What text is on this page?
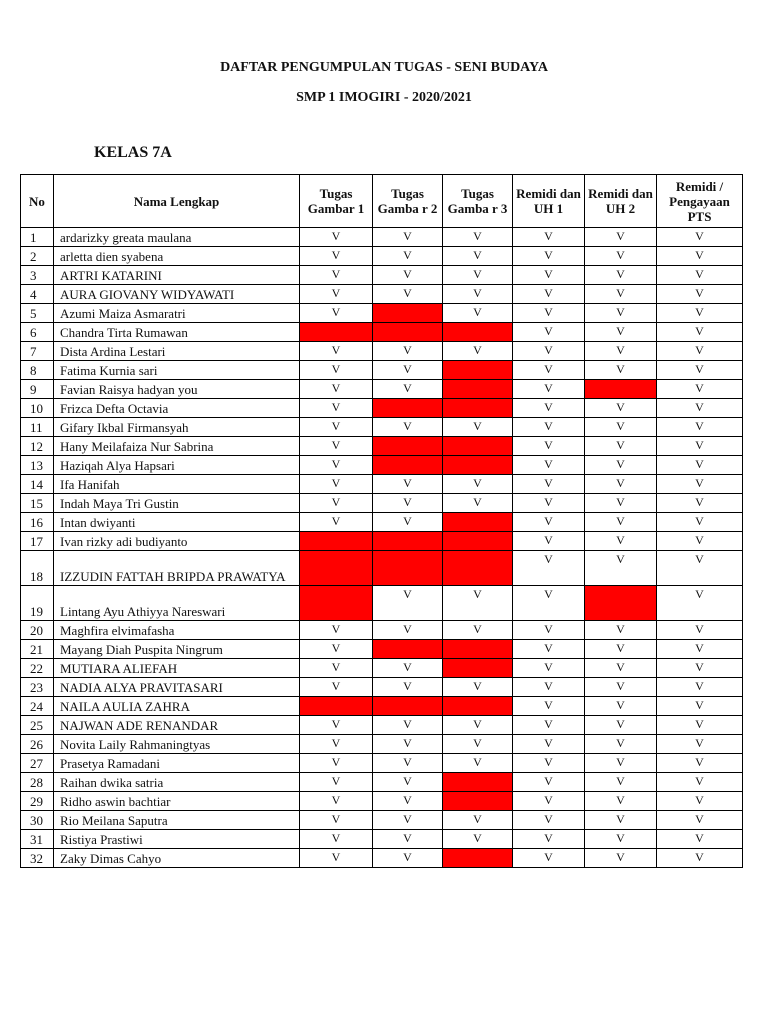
DAFTAR PENGUMPULAN TUGAS - SENI BUDAYA
SMP 1 IMOGIRI - 2020/2021
KELAS 7A
No	Nama Lengkap	Tugas Gambar 1	Tugas Gamba r 2	Tugas Gamba r 3	Remidi dan UH 1	Remidi dan UH 2	Remidi / Pengayaan PTS
1	ardarizky greata maulana	V	V	V	V	V	V
2	arletta dien syabena	V	V	V	V	V	V
3	ARTRI KATARINI	V	V	V	V	V	V
4	AURA GIOVANY WIDYAWATI	V	V	V	V	V	V
5	Azumi Maiza Asmaratri	V		V	V	V	V
6	Chandra Tirta Rumawan				V	V	V
7	Dista Ardina Lestari	V	V	V	V	V	V
8	Fatima Kurnia sari	V	V		V	V	V
9	Favian Raisya hadyan you	V	V		V		V
10	Frizca Defta Octavia	V			V	V	V
11	Gifary Ikbal Firmansyah	V	V	V	V	V	V
12	Hany Meilafaiza Nur Sabrina	V			V	V	V
13	Haziqah Alya Hapsari	V			V	V	V
14	Ifa Hanifah	V	V	V	V	V	V
15	Indah Maya Tri Gustin	V	V	V	V	V	V
16	Intan dwiyanti	V	V		V	V	V
17	Ivan rizky adi budiyanto				V	V	V
18	IZZUDIN FATTAH BRIPDA PRAWATYA				V	V	V
19	Lintang Ayu Athiyya Nareswari		V	V	V		V
20	Maghfira elvimafasha	V	V	V	V	V	V
21	Mayang Diah Puspita Ningrum	V			V	V	V
22	MUTIARA ALIEFAH	V	V		V	V	V
23	NADIA ALYA PRAVITASARI	V	V	V	V	V	V
24	NAILA AULIA ZAHRA				V	V	V
25	NAJWAN ADE RENANDAR	V	V	V	V	V	V
26	Novita Laily Rahmaningtyas	V	V	V	V	V	V
27	Prasetya Ramadani	V	V	V	V	V	V
28	Raihan dwika satria	V	V		V	V	V
29	Ridho aswin bachtiar	V	V		V	V	V
30	Rio Meilana Saputra	V	V	V	V	V	V
31	Ristiya Prastiwi	V	V	V	V	V	V
32	Zaky Dimas Cahyo	V	V		V	V	V
